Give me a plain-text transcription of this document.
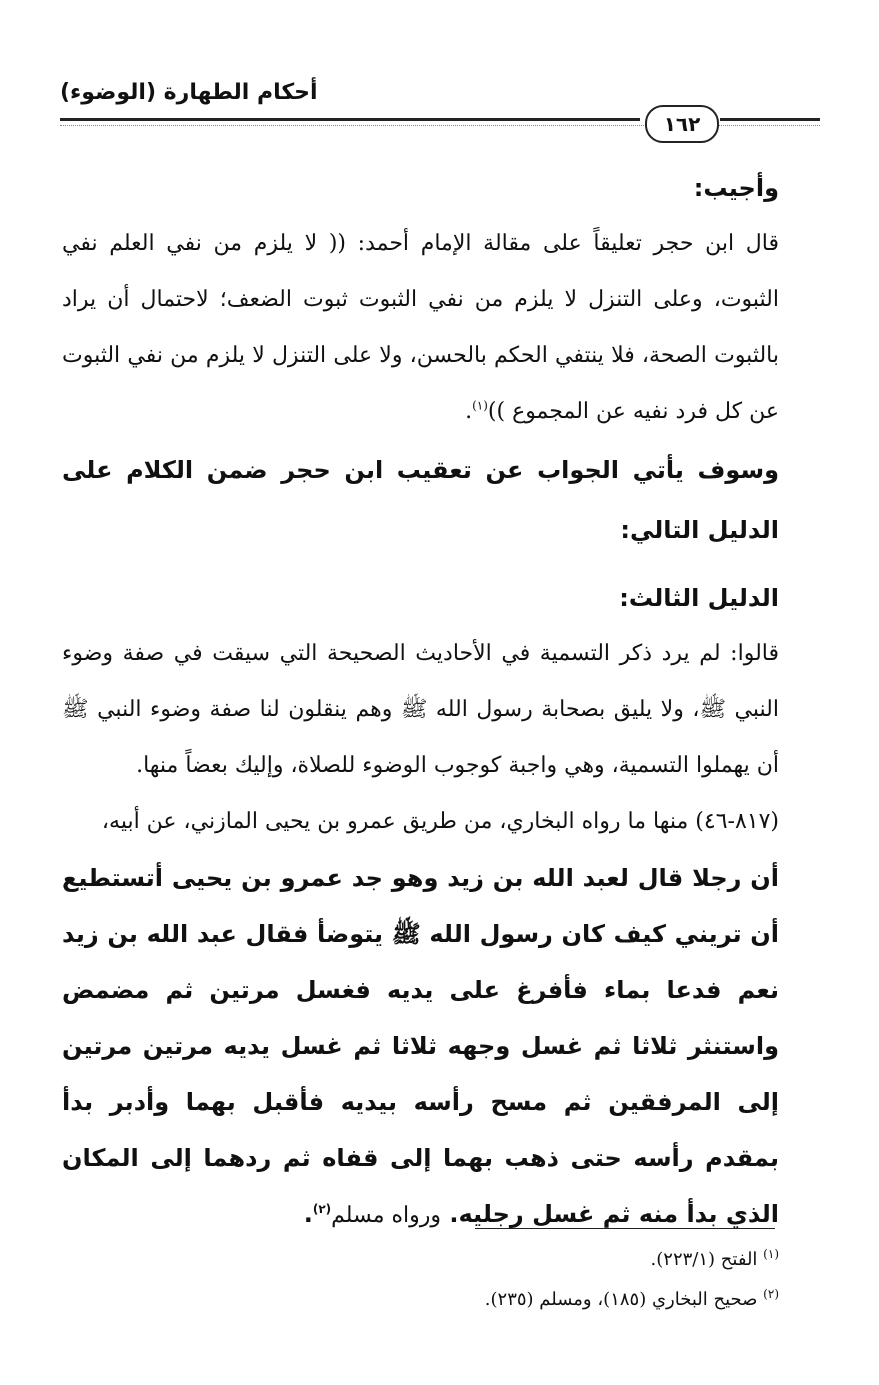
أحكام الطهارة (الوضوء)
١٦٢

وأجيب:

قال ابن حجر تعليقاً على مقالة الإمام أحمد: (( لا يلزم من نفي العلم نفي الثبوت، وعلى التنزل لا يلزم من نفي الثبوت ثبوت الضعف؛ لاحتمال أن يراد بالثبوت الصحة، فلا ينتفي الحكم بالحسن، ولا على التنزل لا يلزم من نفي الثبوت عن كل فرد نفيه عن المجموع ))$^{(١)}$.

وسوف يأتي الجواب عن تعقيب ابن حجر ضمن الكلام على الدليل التالي:

الدليل الثالث:

قالوا: لم يرد ذكر التسمية في الأحاديث الصحيحة التي سيقت في صفة وضوء النبي ﷺ، ولا يليق بصحابة رسول الله ﷺ وهم ينقلون لنا صفة وضوء النبي ﷺ أن يهملوا التسمية، وهي واجبة كوجوب الوضوء للصلاة، وإليك بعضاً منها.

(٨١٧-٤٦) منها ما رواه البخاري، من طريق عمرو بن يحيى المازني، عن أبيه،

أن رجلا قال لعبد الله بن زيد وهو جد عمرو بن يحيى أتستطيع أن تريني كيف كان رسول الله ﷺ يتوضأ فقال عبد الله بن زيد نعم فدعا بماء فأفرغ على يديه فغسل مرتين ثم مضمض واستنثر ثلاثا ثم غسل وجهه ثلاثا ثم غسل يديه مرتين مرتين إلى المرفقين ثم مسح رأسه بيديه فأقبل بهما وأدبر بدأ بمقدم رأسه حتى ذهب بهما إلى قفاه ثم ردهما إلى المكان الذي بدأ منه ثم غسل رجليه. ورواه مسلم$^{(٢)}$.

$^{(١)}$ الفتح (٢٢٣/١).
$^{(٢)}$ صحيح البخاري (١٨٥)، ومسلم (٢٣٥).
